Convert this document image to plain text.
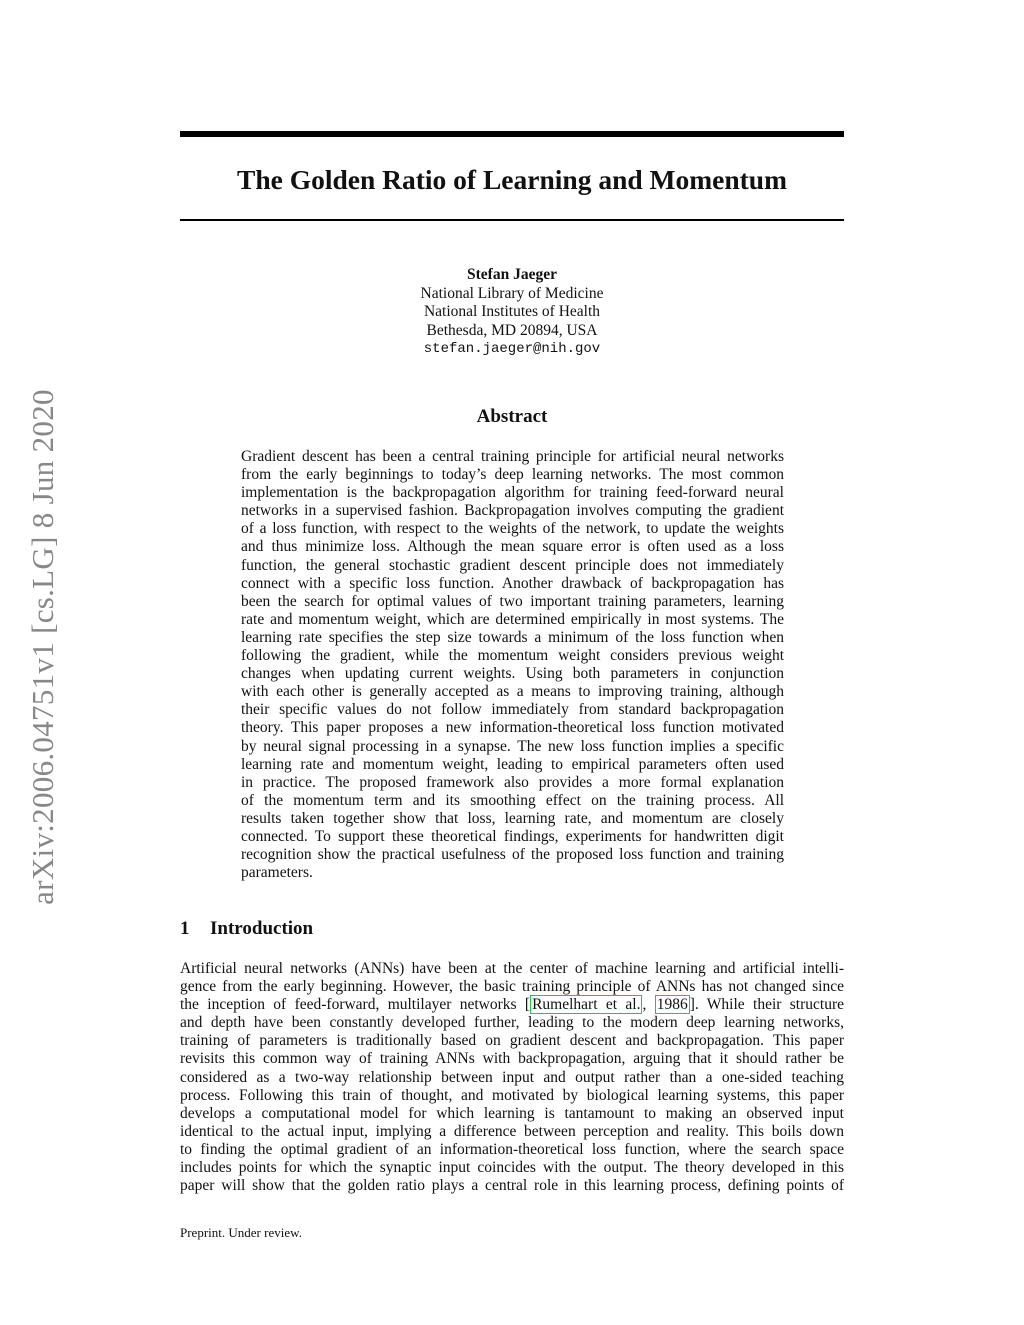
arXiv:2006.04751v1 [cs.LG] 8 Jun 2020
The Golden Ratio of Learning and Momentum
Stefan Jaeger
National Library of Medicine
National Institutes of Health
Bethesda, MD 20894, USA
stefan.jaeger@nih.gov
Abstract
Gradient descent has been a central training principle for artificial neural networks
from the early beginnings to today’s deep learning networks. The most common
implementation is the backpropagation algorithm for training feed-forward neural
networks in a supervised fashion. Backpropagation involves computing the gradient
of a loss function, with respect to the weights of the network, to update the weights
and thus minimize loss. Although the mean square error is often used as a loss
function, the general stochastic gradient descent principle does not immediately
connect with a specific loss function. Another drawback of backpropagation has
been the search for optimal values of two important training parameters, learning
rate and momentum weight, which are determined empirically in most systems. The
learning rate specifies the step size towards a minimum of the loss function when
following the gradient, while the momentum weight considers previous weight
changes when updating current weights. Using both parameters in conjunction
with each other is generally accepted as a means to improving training, although
their specific values do not follow immediately from standard backpropagation
theory. This paper proposes a new information-theoretical loss function motivated
by neural signal processing in a synapse. The new loss function implies a specific
learning rate and momentum weight, leading to empirical parameters often used
in practice. The proposed framework also provides a more formal explanation
of the momentum term and its smoothing effect on the training process. All
results taken together show that loss, learning rate, and momentum are closely
connected. To support these theoretical findings, experiments for handwritten digit
recognition show the practical usefulness of the proposed loss function and training
parameters.
1 Introduction
Artificial neural networks (ANNs) have been at the center of machine learning and artificial intelli-
gence from the early beginning. However, the basic training principle of ANNs has not changed since
the inception of feed-forward, multilayer networks [ Rumelhart et al. , 1986 ]. While their structure
and depth have been constantly developed further, leading to the modern deep learning networks,
training of parameters is traditionally based on gradient descent and backpropagation. This paper
revisits this common way of training ANNs with backpropagation, arguing that it should rather be
considered as a two-way relationship between input and output rather than a one-sided teaching
process. Following this train of thought, and motivated by biological learning systems, this paper
develops a computational model for which learning is tantamount to making an observed input
identical to the actual input, implying a difference between perception and reality. This boils down
to finding the optimal gradient of an information-theoretical loss function, where the search space
includes points for which the synaptic input coincides with the output. The theory developed in this
paper will show that the golden ratio plays a central role in this learning process, defining points of
Preprint. Under review.
